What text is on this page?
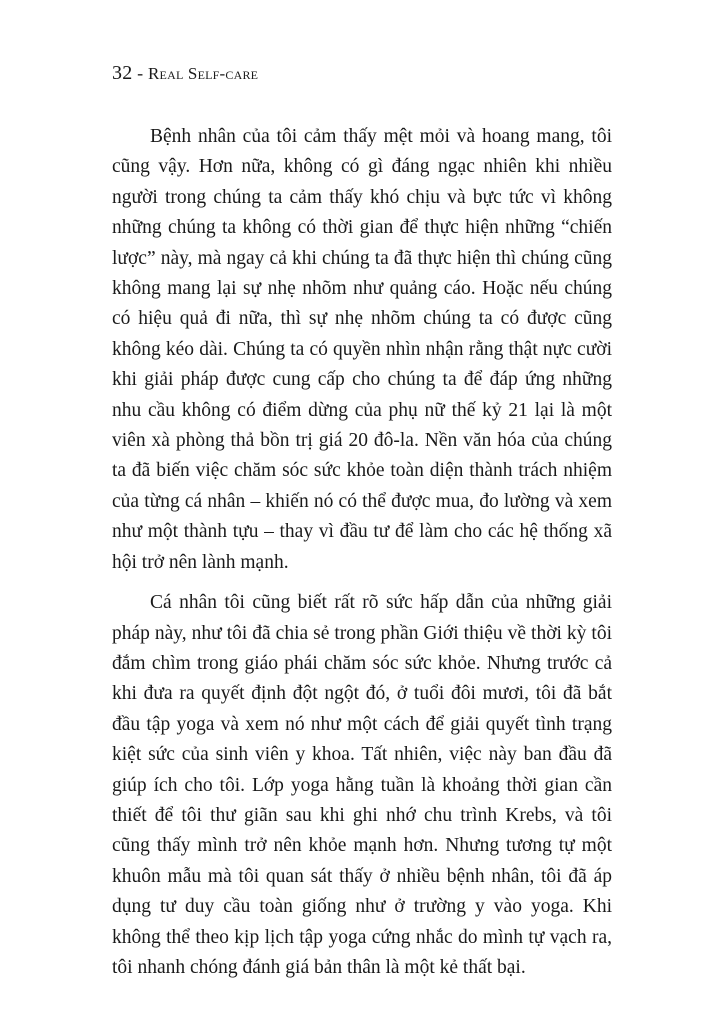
32 - Real Self-care

Bệnh nhân của tôi cảm thấy mệt mỏi và hoang mang, tôi cũng vậy. Hơn nữa, không có gì đáng ngạc nhiên khi nhiều người trong chúng ta cảm thấy khó chịu và bực tức vì không những chúng ta không có thời gian để thực hiện những “chiến lược” này, mà ngay cả khi chúng ta đã thực hiện thì chúng cũng không mang lại sự nhẹ nhõm như quảng cáo. Hoặc nếu chúng có hiệu quả đi nữa, thì sự nhẹ nhõm chúng ta có được cũng không kéo dài. Chúng ta có quyền nhìn nhận rằng thật nực cười khi giải pháp được cung cấp cho chúng ta để đáp ứng những nhu cầu không có điểm dừng của phụ nữ thế kỷ 21 lại là một viên xà phòng thả bồn trị giá 20 đô-la. Nền văn hóa của chúng ta đã biến việc chăm sóc sức khỏe toàn diện thành trách nhiệm của từng cá nhân – khiến nó có thể được mua, đo lường và xem như một thành tựu – thay vì đầu tư để làm cho các hệ thống xã hội trở nên lành mạnh.

Cá nhân tôi cũng biết rất rõ sức hấp dẫn của những giải pháp này, như tôi đã chia sẻ trong phần Giới thiệu về thời kỳ tôi đắm chìm trong giáo phái chăm sóc sức khỏe. Nhưng trước cả khi đưa ra quyết định đột ngột đó, ở tuổi đôi mươi, tôi đã bắt đầu tập yoga và xem nó như một cách để giải quyết tình trạng kiệt sức của sinh viên y khoa. Tất nhiên, việc này ban đầu đã giúp ích cho tôi. Lớp yoga hằng tuần là khoảng thời gian cần thiết để tôi thư giãn sau khi ghi nhớ chu trình Krebs, và tôi cũng thấy mình trở nên khỏe mạnh hơn. Nhưng tương tự một khuôn mẫu mà tôi quan sát thấy ở nhiều bệnh nhân, tôi đã áp dụng tư duy cầu toàn giống như ở trường y vào yoga. Khi không thể theo kịp lịch tập yoga cứng nhắc do mình tự vạch ra, tôi nhanh chóng đánh giá bản thân là một kẻ thất bại.
